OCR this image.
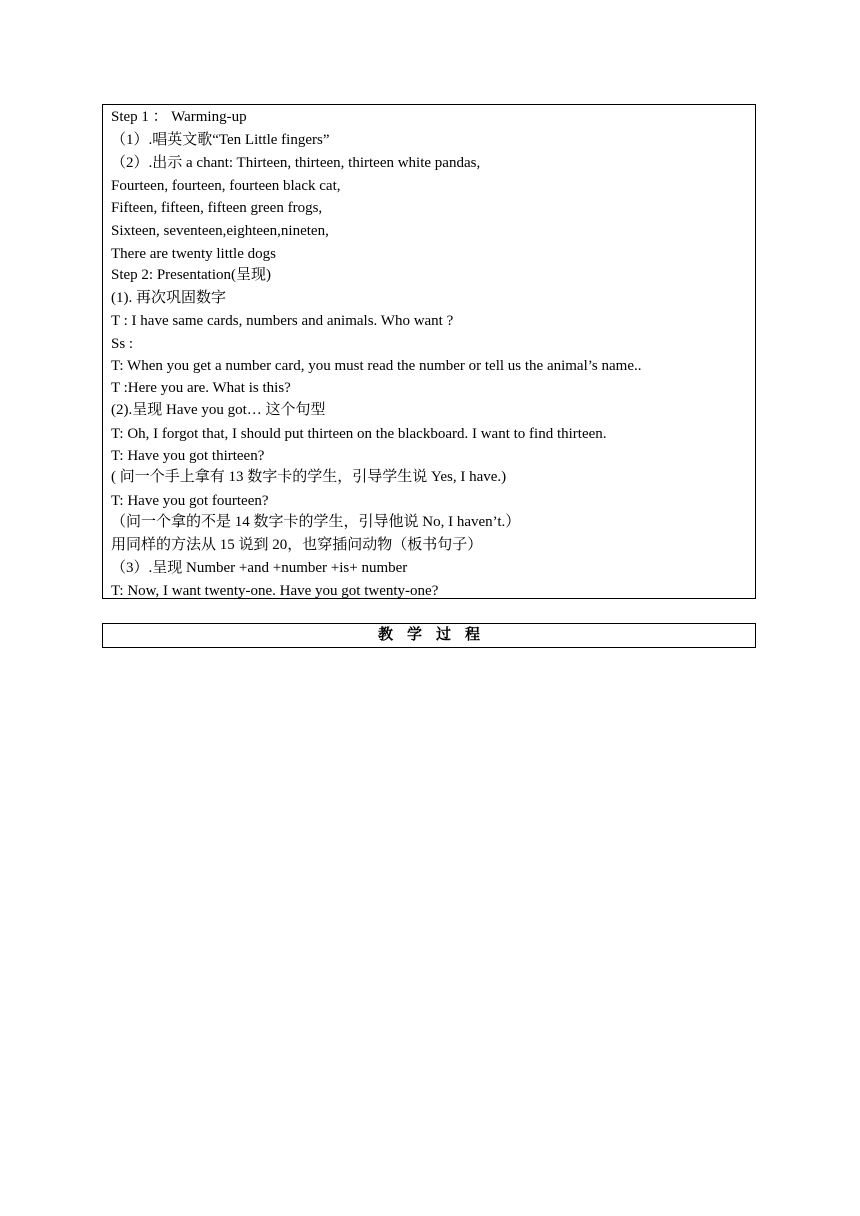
Step 1 ： Warming-up
（1）.唱英文歌“Ten Little fingers”
（2）.出示 a chant: Thirteen, thirteen, thirteen white pandas,
Fourteen, fourteen, fourteen black cat,
Fifteen, fifteen, fifteen green frogs,
Sixteen, seventeen,eighteen,nineten,
There are twenty little dogs
Step 2: Presentation(呈现)
(1). 再次巩固数字
T : I have same cards, numbers and animals. Who want ?
Ss :
T: When you get a number card, you must read the number or tell us the animal’s name..
T :Here you are. What is this?
(2).呈现 Have you got… 这个句型
T: Oh, I forgot that, I should put thirteen on the blackboard. I want to find thirteen.
T: Have you got thirteen?
( 问一个手上拿有 13 数字卡的学生，引导学生说 Yes, I have.)
T: Have you got fourteen?
（问一个拿的不是 14 数字卡的学生，引导他说 No, I haven’t.）
用同样的方法从 15 说到 20，也穿插问动物（板书句子）
（3）.呈现 Number +and +number +is+ number
T: Now, I want twenty-one. Have you got twenty-one?
教学过程
